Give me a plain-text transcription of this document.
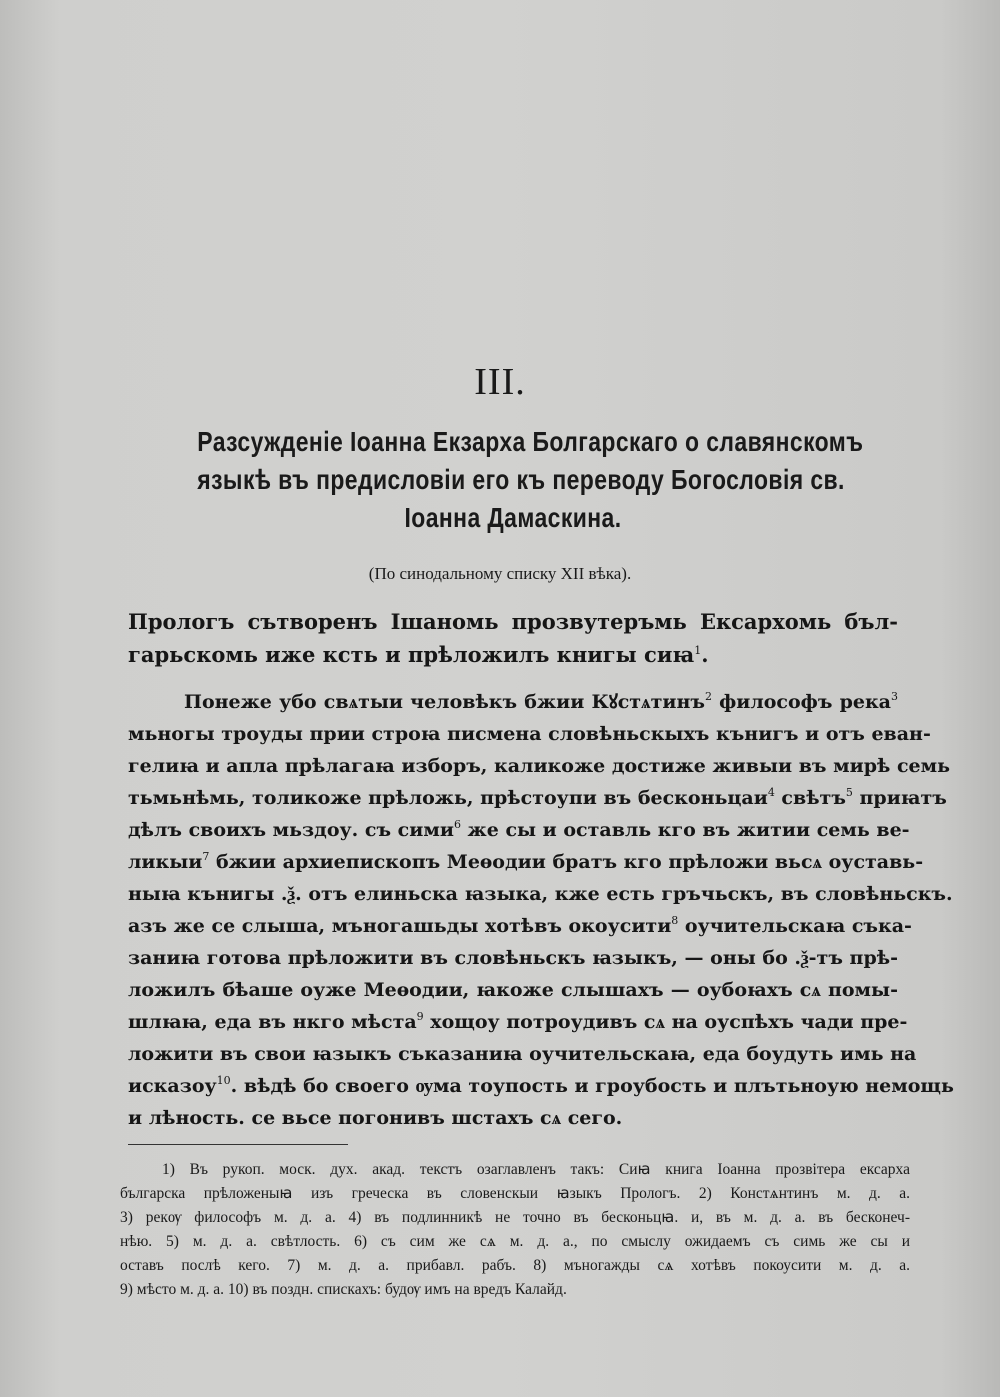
III.
Разсужденіе Іоанна Екзарха Болгарскаго о славянскомъ
языкѣ въ предисловіи его къ переводу Богословія св.
Іоанна Дамаскина.
(По синодальному списку XII вѣка).
Прологъ сътворенъ Ішаномь прозвутеръмь Ексархомь бъл-
гарьскомь иже ксть и прѣложилъ книгы сиꙗ$^1$.
Понеже убо свѧтыи человѣкъ бжии Кꙋстѧтинъ$^2$ философъ река$^3$
мьногы троуды прии строꙗ писмена словѣньскыхъ кънигъ и отъ еван-
гелиꙗ и апла прѣлагаꙗ изборъ, каликоже достиже живыи въ мирѣ семь
тьмьнѣмь, толикоже прѣложь, прѣстоупи въ бесконьцаи$^4$ свѣтъ$^5$ приꙗтъ
дѣлъ своихъ мьздоу. съ сими$^6$ же сы и оставль кго въ житии семь ве-
ликыи$^7$ бжии архиепископъ Меѳодии братъ кго прѣложи вьсѧ оуставь-
ныꙗ кънигы .ѯ. отъ елиньска ꙗзыка, кже есть гръчьскъ, въ словѣньскъ.
азъ же се слышa, мъногашьды хотѣвъ окоусити$^8$ оучительскаꙗ съка-
заниꙗ готова прѣложити въ словѣньскъ ꙗзыкъ, — оны бо .ѯ-тъ прѣ-
ложилъ бѣаше оуже Меѳодии, ꙗкоже слышахъ — оубоꙗхъ сѧ помы-
шлꙗꙗ, еда въ нкго мѣста$^9$ хощоу потроудивъ сѧ на оуспѣхъ чади пре-
ложити въ свои ꙗзыкъ съказаниꙗ оучительскаꙗ, еда боудуть имь на
исказоу$^{10}$. вѣдѣ бо своего ѹма тоупость и гроубость и плътьноую немощь
и лѣность. се вьсе погонивъ шстахъ сѧ сего.
1) Въ рукоп. моск. дух. акад. текстъ озаглавленъ такъ: Сиꙗ книга Іоанна прозвітера ексарха
българска прѣложеныꙗ изъ греческа въ словенскыи ꙗзыкъ Прологъ. 2) Констѧнтинъ м. д. а.
3) рекѹ философъ м. д. а. 4) въ подлинникѣ не точно въ бесконьцꙗ. и, въ м. д. а. въ бесконеч-
нѣю. 5) м. д. а. свѣтлость. 6) съ сим же сѧ м. д. а., по смыслу ожидаемъ съ симь же сы и
оставъ послѣ кего. 7) м. д. а. прибавл. рабъ. 8) мъногажды сѧ хотѣвъ покоусити м. д. а.
9) мѣсто м. д. а. 10) въ поздн. спискахъ: будѹ имъ на вредъ Калайд.
